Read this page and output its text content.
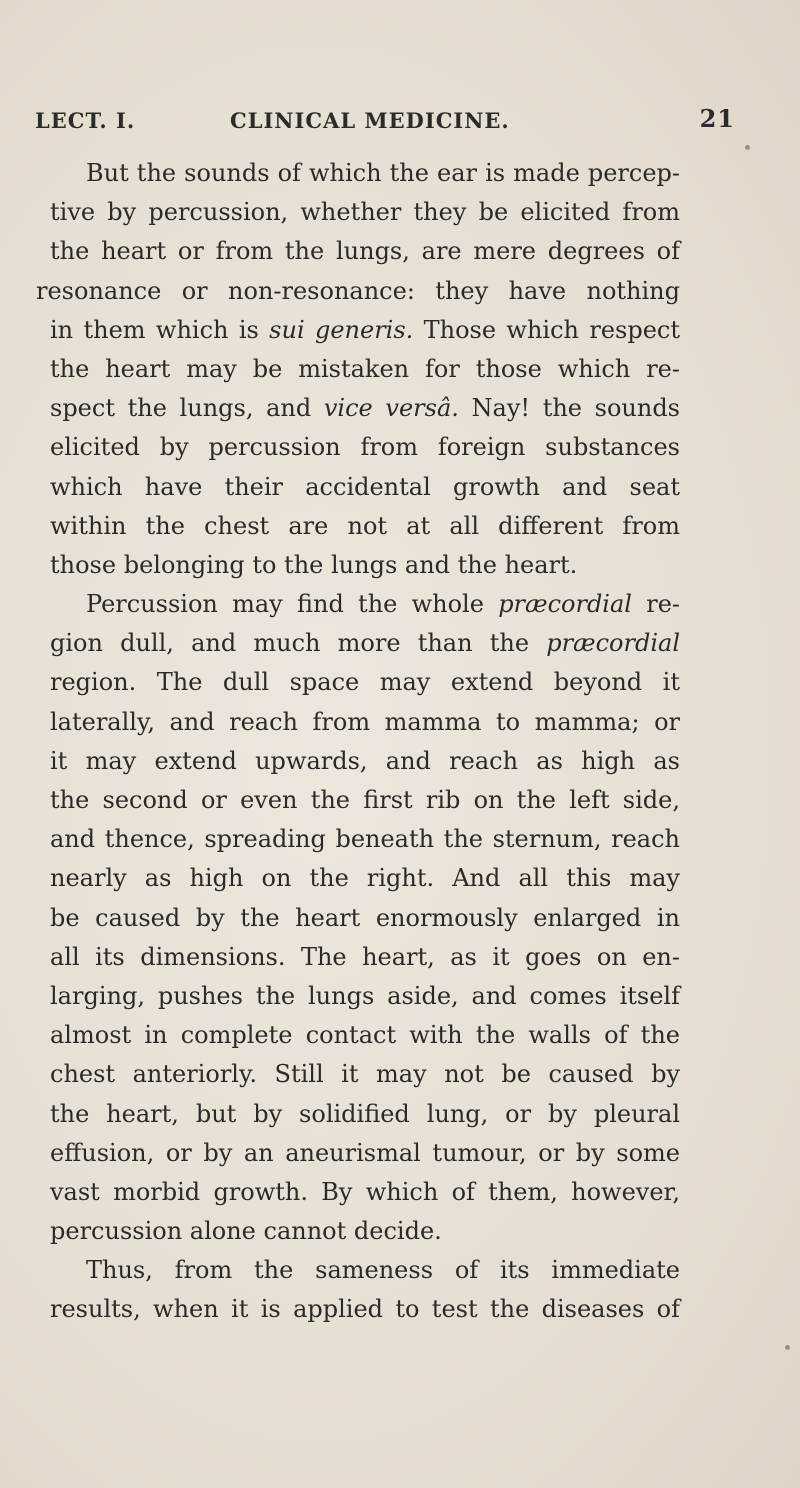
LECT. I.	CLINICAL MEDICINE.	21
But the sounds of which the ear is made percep-
tive by percussion, whether they be elicited from
the heart or from the lungs, are mere degrees of
resonance or non-resonance: they have nothing
in them which is sui generis. Those which respect
the heart may be mistaken for those which re-
spect the lungs, and vice versâ. Nay! the sounds
elicited by percussion from foreign substances
which have their accidental growth and seat
within the chest are not at all different from
those belonging to the lungs and the heart.
Percussion may find the whole præcordial re-
gion dull, and much more than the præcordial
region. The dull space may extend beyond it
laterally, and reach from mamma to mamma; or
it may extend upwards, and reach as high as
the second or even the first rib on the left side,
and thence, spreading beneath the sternum, reach
nearly as high on the right. And all this may
be caused by the heart enormously enlarged in
all its dimensions. The heart, as it goes on en-
larging, pushes the lungs aside, and comes itself
almost in complete contact with the walls of the
chest anteriorly. Still it may not be caused by
the heart, but by solidified lung, or by pleural
effusion, or by an aneurismal tumour, or by some
vast morbid growth. By which of them, however,
percussion alone cannot decide.
Thus, from the sameness of its immediate
results, when it is applied to test the diseases of
